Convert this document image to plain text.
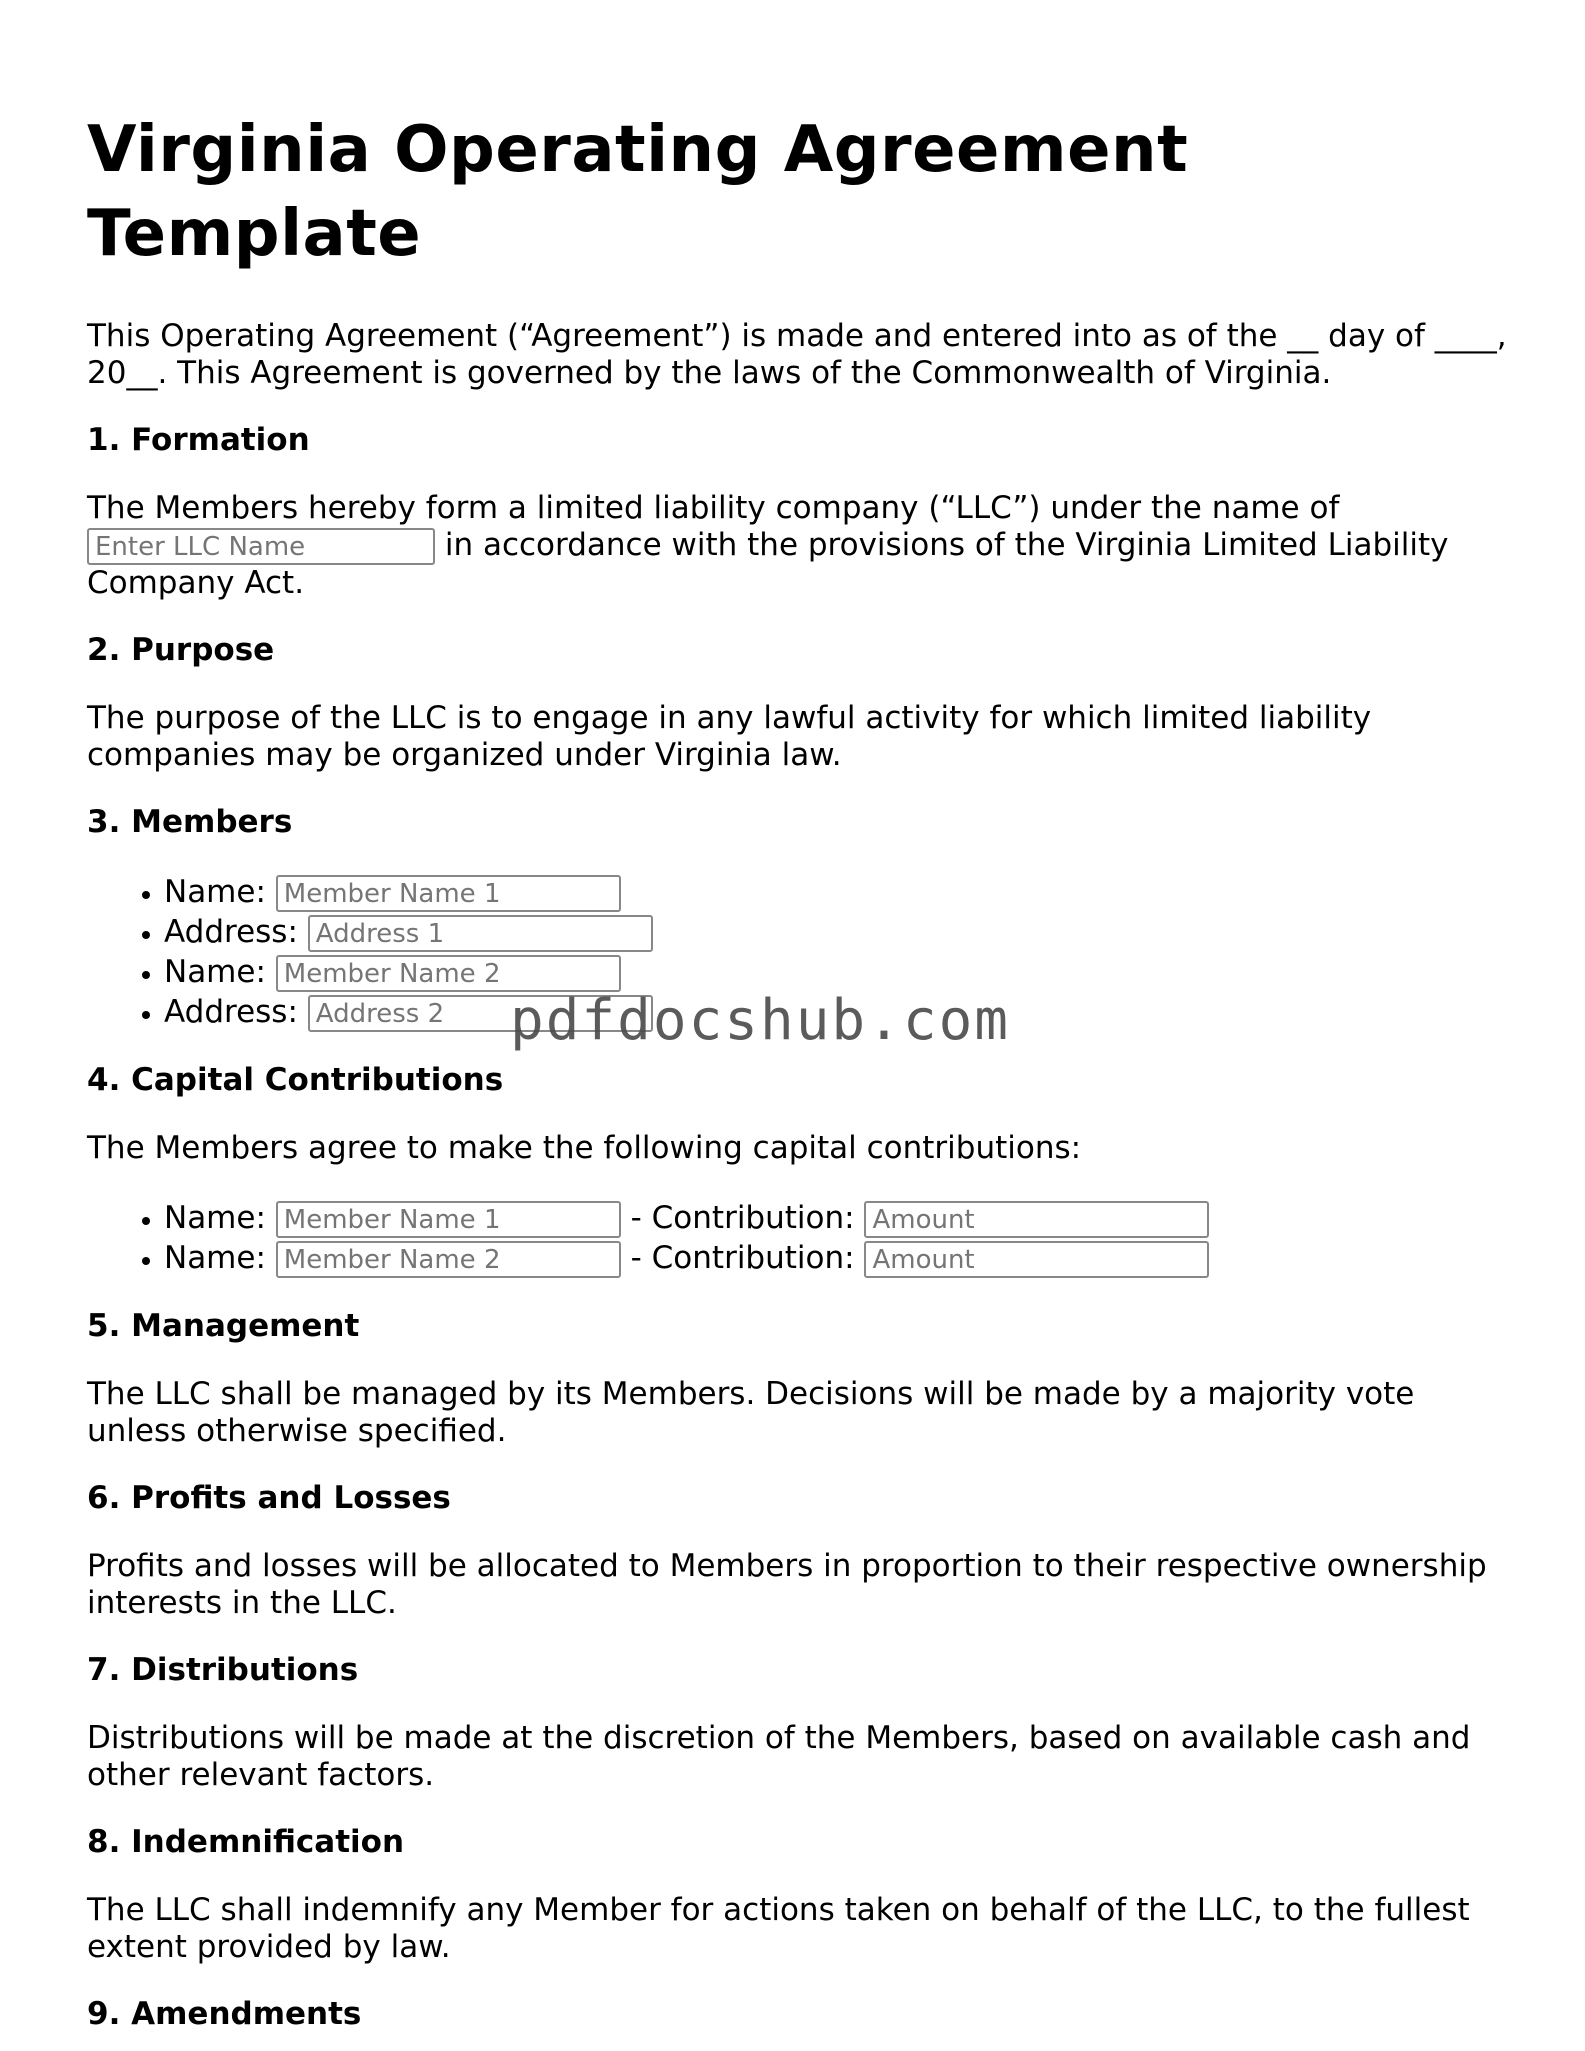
Virginia Operating Agreement Template

This Operating Agreement (“Agreement”) is made and entered into as of the __ day of ____, 20__. This Agreement is governed by the laws of the Commonwealth of Virginia.

1. Formation

The Members hereby form a limited liability company (“LLC”) under the name of
Enter LLC Name in accordance with the provisions of the Virginia Limited Liability Company Act.

2. Purpose

The purpose of the LLC is to engage in any lawful activity for which limited liability companies may be organized under Virginia law.

3. Members
• Name: Member Name 1
• Address: Address 1
• Name: Member Name 2
• Address: Address 2
4. Capital Contributions

The Members agree to make the following capital contributions:

• Name: Member Name 1	- Contribution: Amount
• Name: Member Name 2	- Contribution: Amount
5. Management

The LLC shall be managed by its Members. Decisions will be made by a majority vote unless otherwise specified.

6. Profits and Losses

Profits and losses will be allocated to Members in proportion to their respective ownership interests in the LLC.

7. Distributions

Distributions will be made at the discretion of the Members, based on available cash and other relevant factors.

8. Indemnification

The LLC shall indemnify any Member for actions taken on behalf of the LLC, to the fullest extent provided by law.

9. Amendments
pdfdocshub.com
